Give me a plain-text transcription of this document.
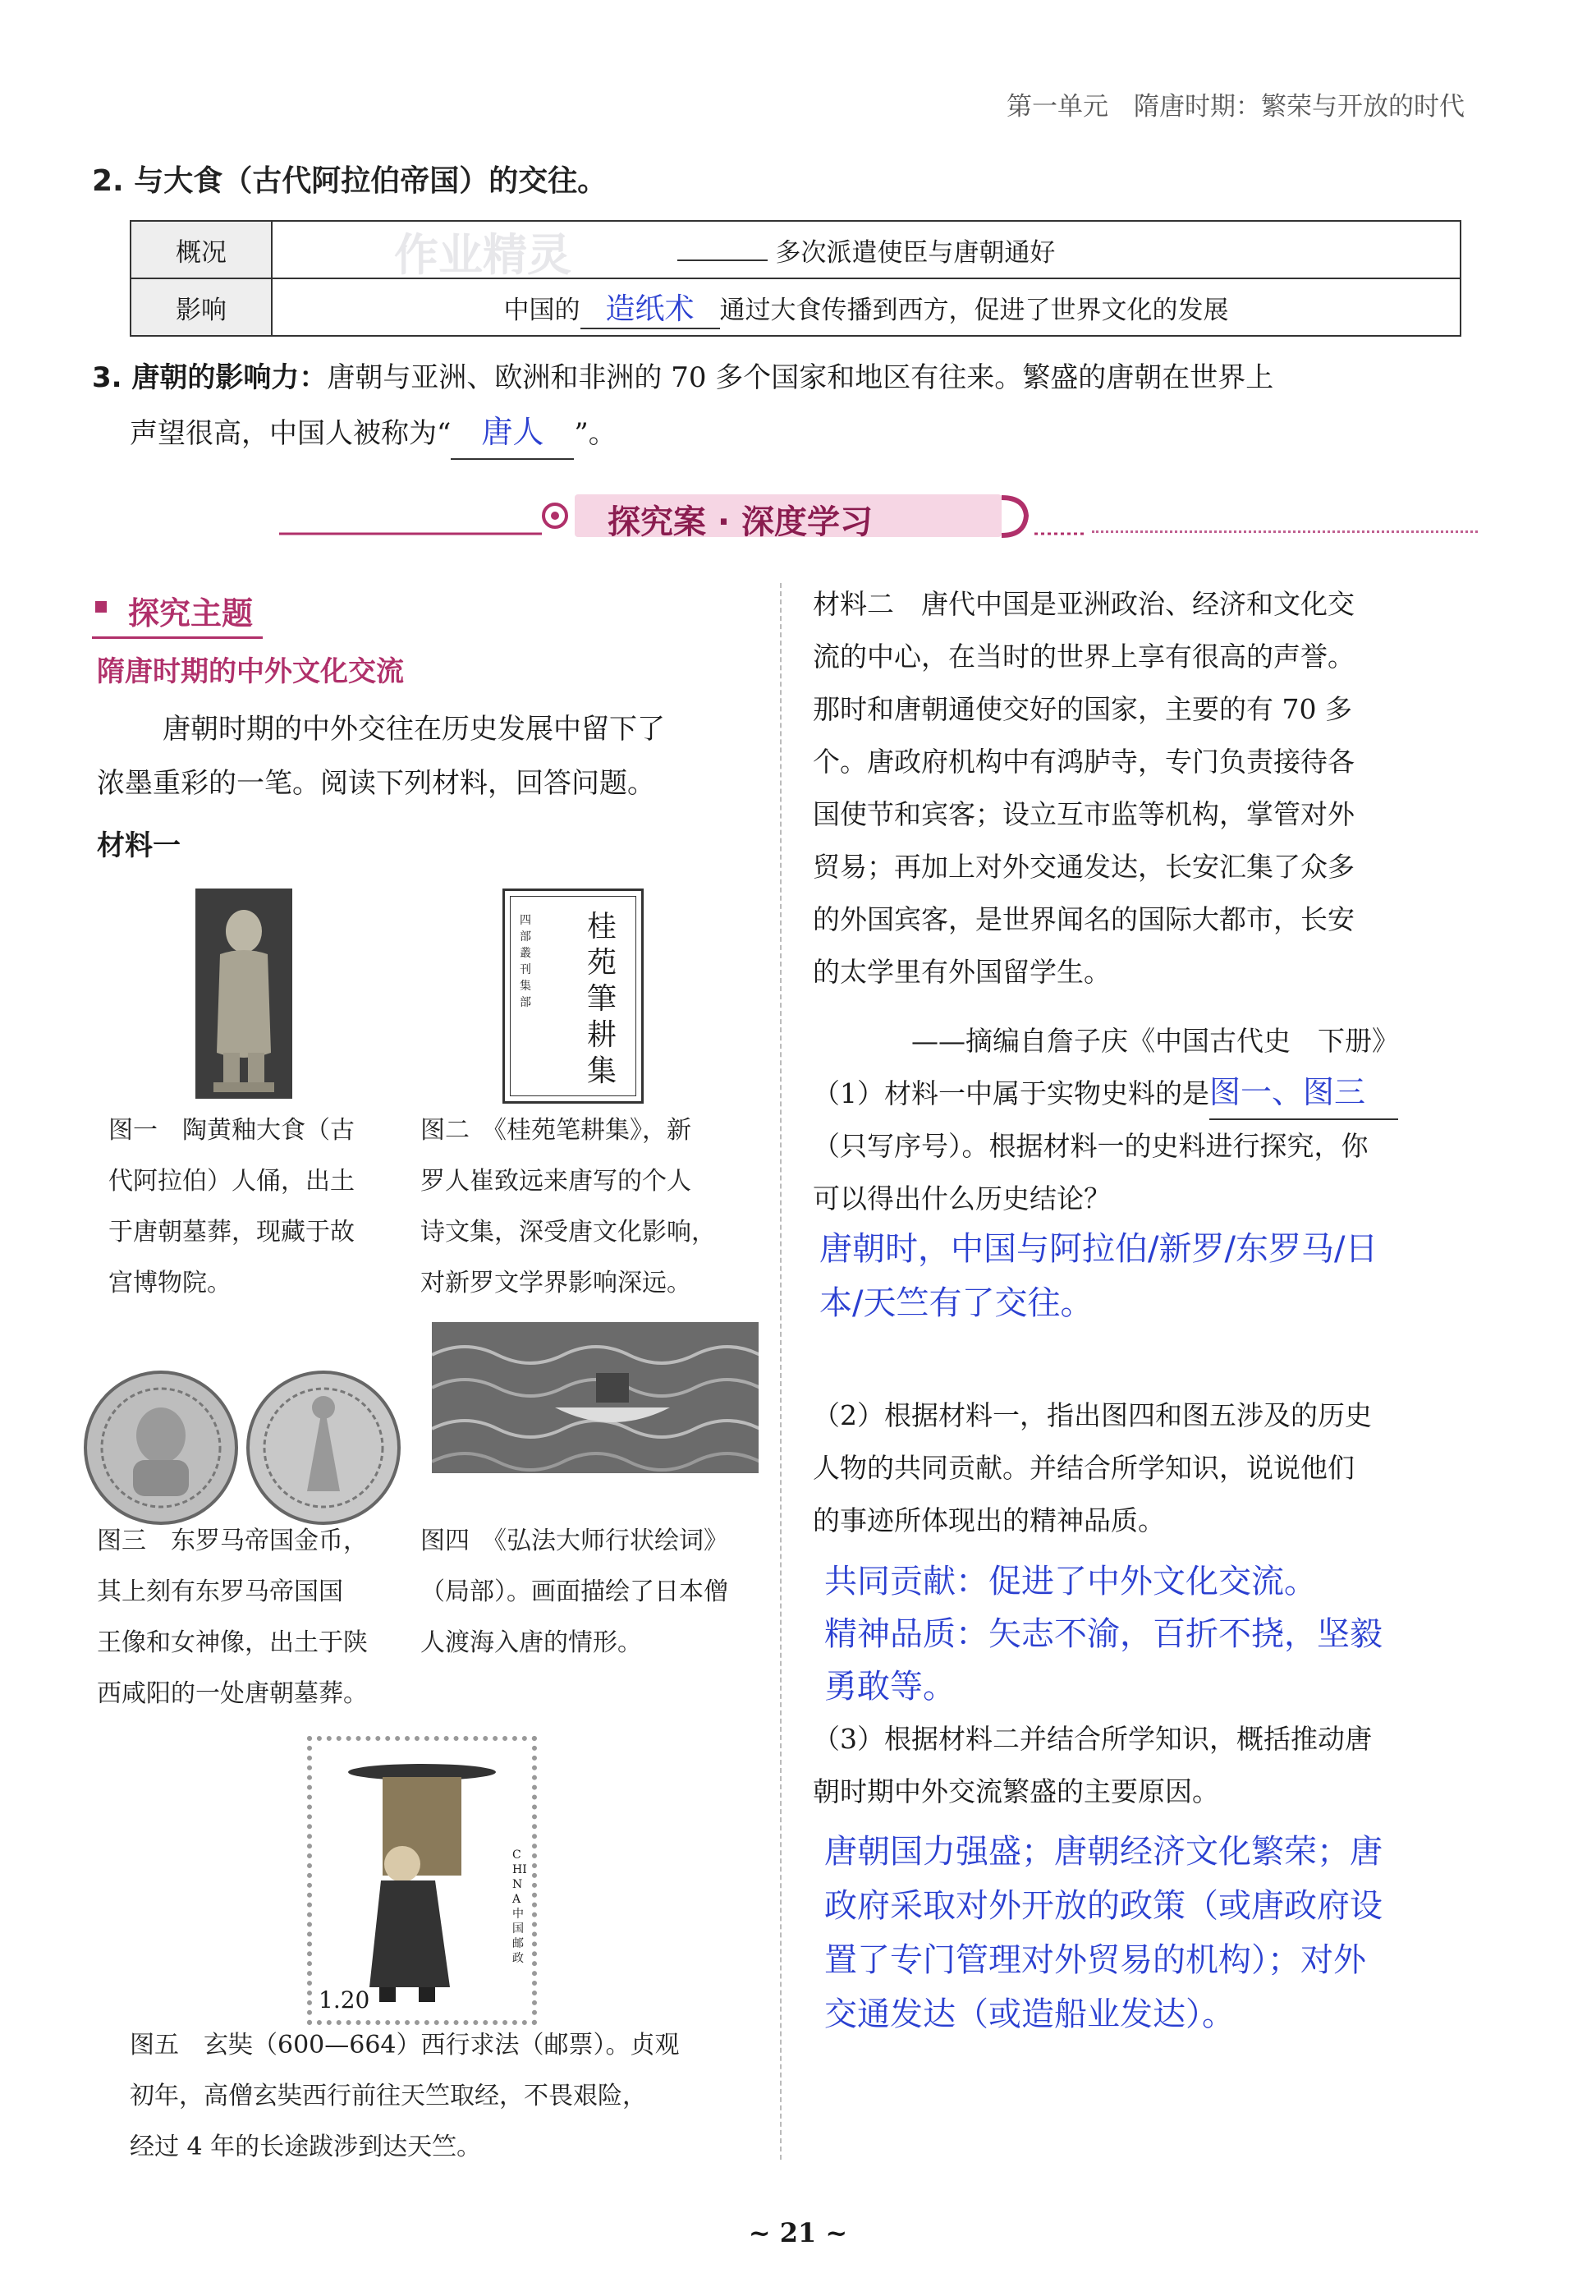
第一单元　隋唐时期：繁荣与开放的时代
2. 与大食（古代阿拉伯帝国）的交往。
概况	多次派遣使臣与唐朝通好
影响	中国的 造纸术 通过大食传播到西方，促进了世界文化的发展
作业精灵
3. 唐朝的影响力：唐朝与亚洲、欧洲和非洲的 70 多个国家和地区有往来。繁盛的唐朝在世界上
声望很高，中国人被称为“ 唐人 ”。
探究案 · 深度学习
探究主题
隋唐时期的中外文化交流
唐朝时期的中外交往在历史发展中留下了
浓墨重彩的一笔。阅读下列材料，回答问题。
材料一
桂苑筆耕集
四部叢刊集部
图一　陶黄釉大食（古
代阿拉伯）人俑，出土
于唐朝墓葬，现藏于故
宫博物院。
图二　《桂苑笔耕集》，新
罗人崔致远来唐写的个人
诗文集，深受唐文化影响，
对新罗文学界影响深远。
图三　东罗马帝国金币，
其上刻有东罗马帝国国
王像和女神像，出土于陕
西咸阳的一处唐朝墓葬。
图四　《弘法大师行状绘词》
（局部）。画面描绘了日本僧
人渡海入唐的情形。
1.20
CHINA 中国邮政
图五　玄奘（600—664）西行求法（邮票）。贞观
初年，高僧玄奘西行前往天竺取经，不畏艰险，
经过 4 年的长途跋涉到达天竺。
材料二　唐代中国是亚洲政治、经济和文化交
流的中心，在当时的世界上享有很高的声誉。
那时和唐朝通使交好的国家，主要的有 70 多
个。唐政府机构中有鸿胪寺，专门负责接待各
国使节和宾客；设立互市监等机构，掌管对外
贸易；再加上对外交通发达，长安汇集了众多
的外国宾客，是世界闻名的国际大都市，长安
的太学里有外国留学生。
——摘编自詹子庆《中国古代史　下册》
（1）材料一中属于实物史料的是图一、图三
（只写序号）。根据材料一的史料进行探究，你
可以得出什么历史结论？
唐朝时，中国与阿拉伯/新罗/东罗马/日
本/天竺有了交往。
（2）根据材料一，指出图四和图五涉及的历史
人物的共同贡献。并结合所学知识，说说他们
的事迹所体现出的精神品质。
共同贡献：促进了中外文化交流。
精神品质：矢志不渝，百折不挠，坚毅
勇敢等。
（3）根据材料二并结合所学知识，概括推动唐
朝时期中外交流繁盛的主要原因。
唐朝国力强盛；唐朝经济文化繁荣；唐
政府采取对外开放的政策（或唐政府设
置了专门管理对外贸易的机构）；对外
交通发达（或造船业发达）。
~ 21 ~
